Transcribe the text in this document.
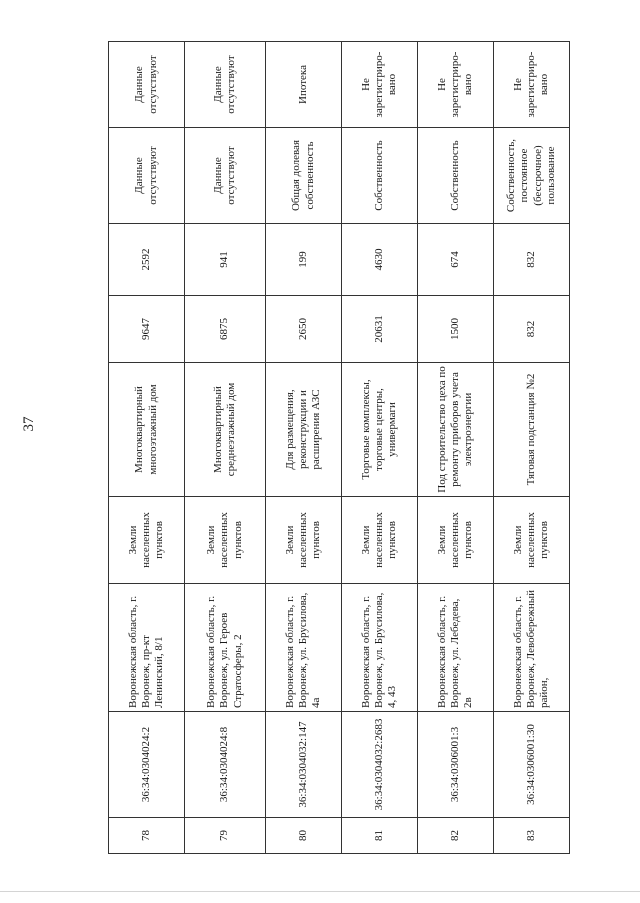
37
78	36:34:0304024:2	Воронежская область, г. Воронеж, пр-кт Ленинский, 8/1	Земли населенных пунктов	Многоквартирный многоэтажный дом	9647	2592	Данные отсутствуют	Данные отсутствуют
79	36:34:0304024:8	Воронежская область, г. Воронеж, ул. Героев Стратосферы, 2	Земли населенных пунктов	Многоквартирный среднеэтажный дом	6875	941	Данные отсутствуют	Данные отсутствуют
80	36:34:0304032:147	Воронежская область, г. Воронеж, ул. Брусилова, 4а	Земли населенных пунктов	Для размещения, реконструкции и расширения АЗС	2650	199	Общая долевая собственность	Ипотека
81	36:34:0304032:2683	Воронежская область, г. Воронеж, ул. Брусилова, 4, 43	Земли населенных пунктов	Торговые комплексы, торговые центры, универмаги	20631	4630	Собственность	Не зарегистриро-вано
82	36:34:0306001:3	Воронежская область, г. Воронеж, ул. Лебедева, 2в	Земли населенных пунктов	Под строительство цеха по ремонту приборов учета электроэнергии	1500	674	Собственность	Не зарегистриро-вано
83	36:34:0306001:30	Воронежская область, г. Воронеж, Левобережный район,	Земли населенных пунктов	Тяговая подстанция №2	832	832	Собственность, постоянное (бессрочное) пользование	Не зарегистриро-вано
